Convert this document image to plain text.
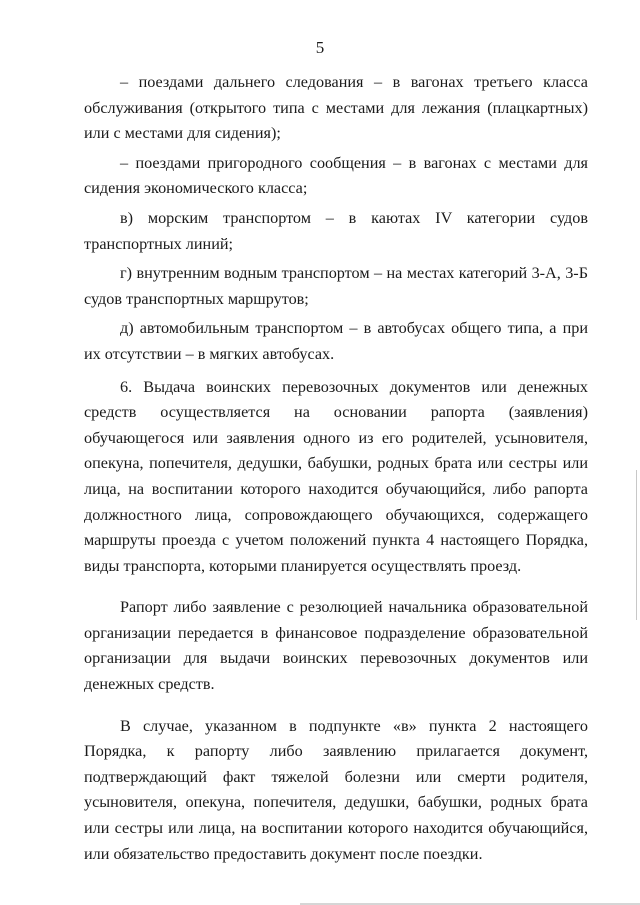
5

– поездами дальнего следования – в вагонах третьего класса обслуживания (открытого типа с местами для лежания (плацкартных) или с местами для сидения);

– поездами пригородного сообщения – в вагонах с местами для сидения экономического класса;

в) морским транспортом – в каютах IV категории судов транспортных линий;

г) внутренним водным транспортом – на местах категорий 3-А, 3-Б судов транспортных маршрутов;

д) автомобильным транспортом – в автобусах общего типа, а при их отсутствии – в мягких автобусах.

6. Выдача воинских перевозочных документов или денежных средств осуществляется на основании рапорта (заявления) обучающегося или заявления одного из его родителей, усыновителя, опекуна, попечителя, дедушки, бабушки, родных брата или сестры или лица, на воспитании которого находится обучающийся, либо рапорта должностного лица, сопровождающего обучающихся, содержащего маршруты проезда с учетом положений пункта 4 настоящего Порядка, виды транспорта, которыми планируется осуществлять проезд.

Рапорт либо заявление с резолюцией начальника образовательной организации передается в финансовое подразделение образовательной организации для выдачи воинских перевозочных документов или денежных средств.

В случае, указанном в подпункте «в» пункта 2 настоящего Порядка, к рапорту либо заявлению прилагается документ, подтверждающий факт тяжелой болезни или смерти родителя, усыновителя, опекуна, попечителя, дедушки, бабушки, родных брата или сестры или лица, на воспитании которого находится обучающийся, или обязательство предоставить документ после поездки.
